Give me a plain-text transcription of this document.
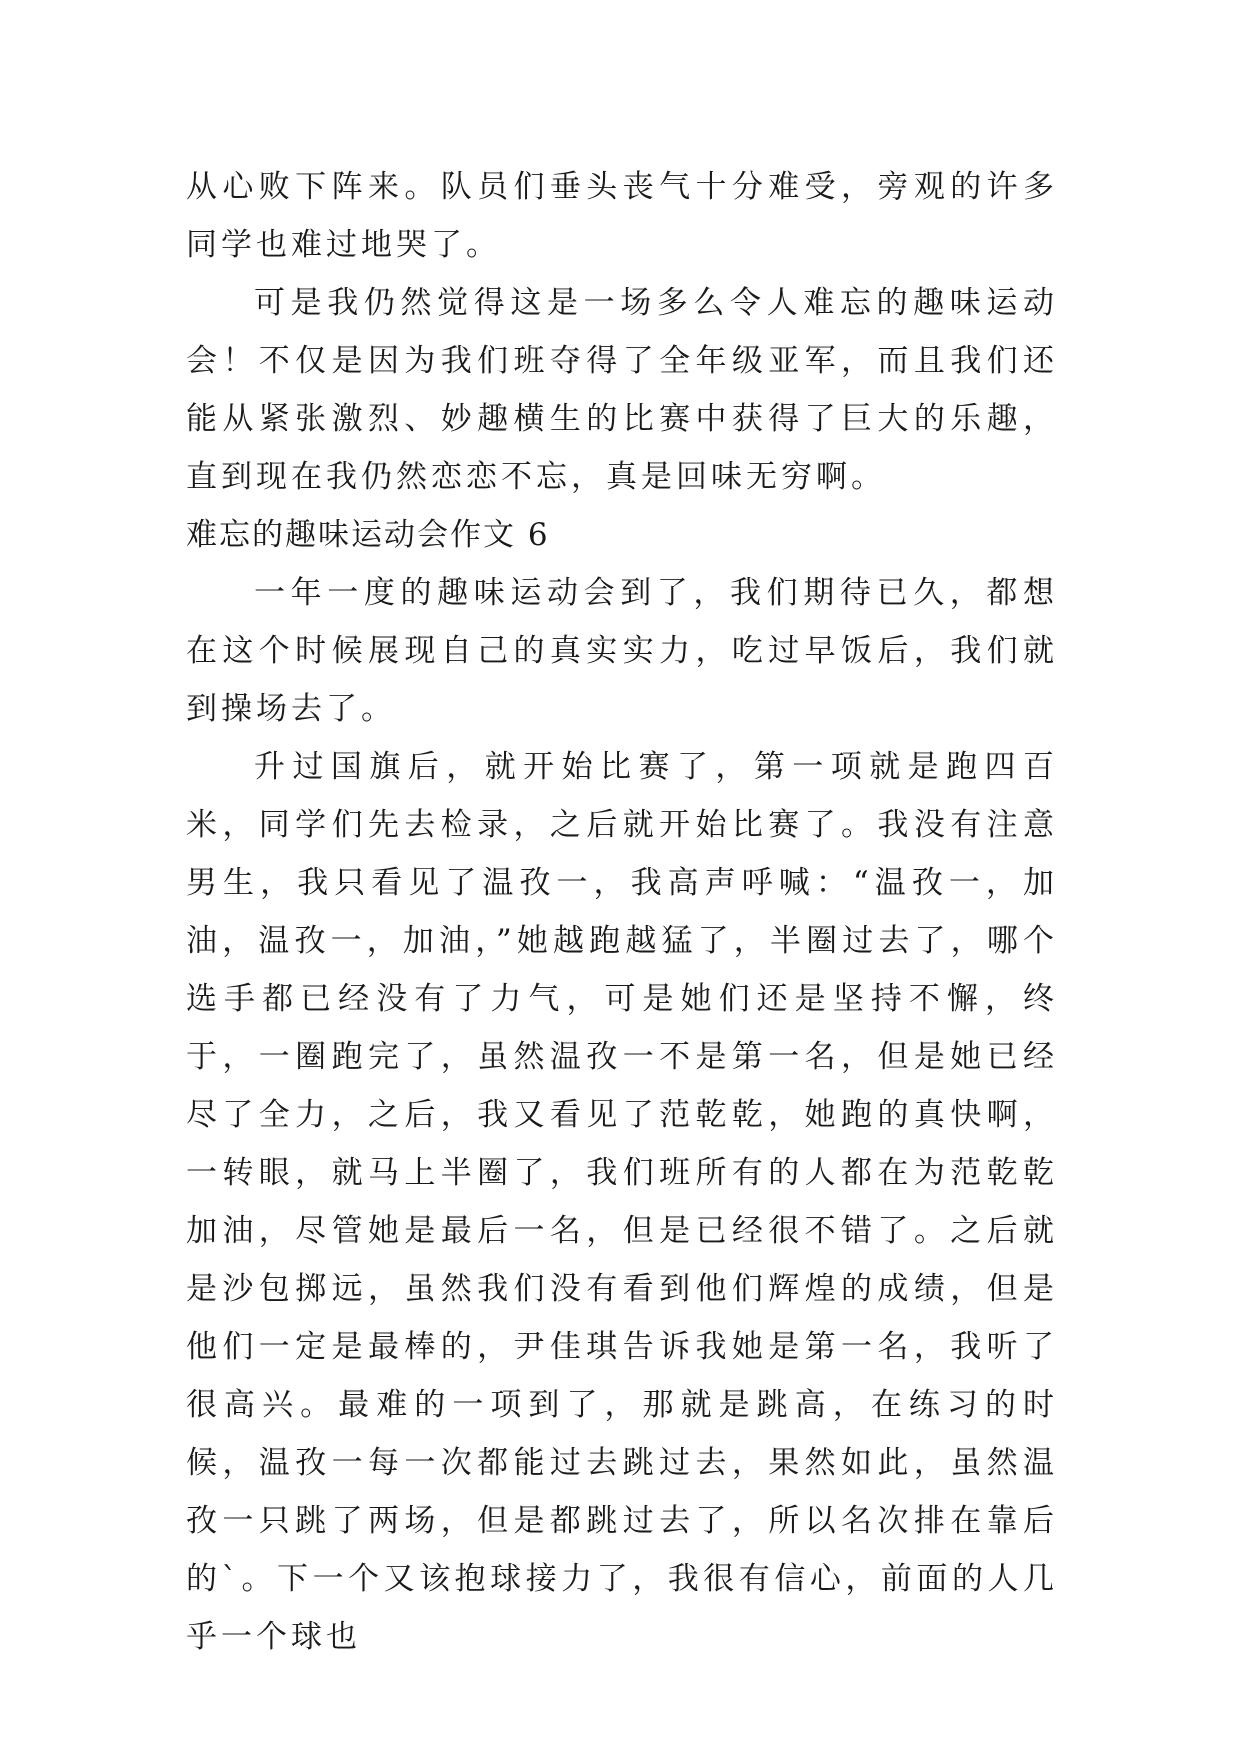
从心败下阵来。队员们垂头丧气十分难受，旁观的许多同学也难过地哭了。

可是我仍然觉得这是一场多么令人难忘的趣味运动会！不仅是因为我们班夺得了全年级亚军，而且我们还能从紧张激烈、妙趣横生的比赛中获得了巨大的乐趣，直到现在我仍然恋恋不忘，真是回味无穷啊。

难忘的趣味运动会作文 6

一年一度的趣味运动会到了，我们期待已久，都想在这个时候展现自己的真实实力，吃过早饭后，我们就到操场去了。

升过国旗后，就开始比赛了，第一项就是跑四百米，同学们先去检录，之后就开始比赛了。我没有注意男生，我只看见了温孜一，我高声呼喊：“温孜一，加油，温孜一，加油，”她越跑越猛了，半圈过去了，哪个选手都已经没有了力气，可是她们还是坚持不懈，终于，一圈跑完了，虽然温孜一不是第一名，但是她已经尽了全力，之后，我又看见了范乾乾，她跑的真快啊，一转眼，就马上半圈了，我们班所有的人都在为范乾乾加油，尽管她是最后一名，但是已经很不错了。之后就是沙包掷远，虽然我们没有看到他们辉煌的成绩，但是他们一定是最棒的，尹佳琪告诉我她是第一名，我听了很高兴。最难的一项到了，那就是跳高，在练习的时候，温孜一每一次都能过去跳过去，果然如此，虽然温孜一只跳了两场，但是都跳过去了，所以名次排在靠后的`。下一个又该抱球接力了，我很有信心，前面的人几乎一个球也
